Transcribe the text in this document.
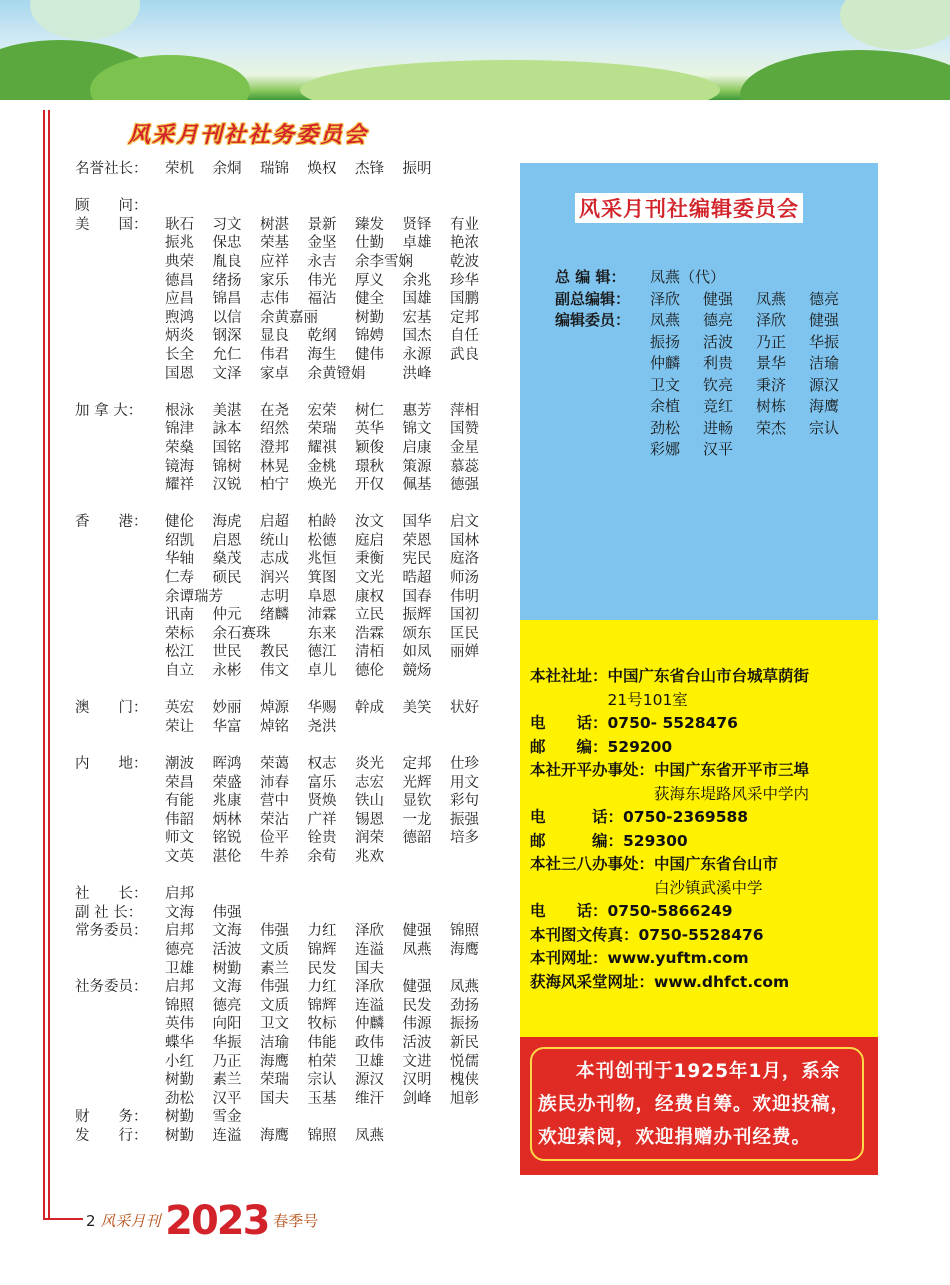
风采月刊社社务委员会
名誉社长：	荣机	余烔	瑞锦	焕权	杰锋	振明
顾　　问：
美　　国：	耿石	习文	树湛	景新	臻发	贤铎	有业
振兆	保忠	荣基	金坚	仕勤	卓雄	艳浓
典荣	胤良	应祥	永吉	余李雪娴	乾波
德昌	绪扬	家乐	伟光	厚义	余兆	珍华
应昌	锦昌	志伟	福沾	健全	国雄	国鹏
煦鸿	以信	余黄嘉丽	树勤	宏基	定邦
炳炎	钢深	显良	乾纲	锦娉	国杰	自任
长全	允仁	伟君	海生	健伟	永源	武良
国恩	文泽	家卓	余黄镫娟	洪峰
加 拿 大：	根泳	美湛	在尧	宏荣	树仁	惠芳	萍相
锦津	詠本	绍然	荣瑞	英华	锦文	国赞
荣燊	国铭	澄邦	耀祺	颖俊	启康	金星
镜海	锦树	林晃	金桃	璟秋	策源	慕蕊
耀祥	汉锐	柏宁	焕光	开仅	佩基	德强
香　　港：	健伦	海虎	启超	柏龄	汝文	国华	启文
绍凯	启恩	统山	松德	庭启	荣恩	国林
华轴	燊茂	志成	兆恒	秉衡	宪民	庭洛
仁寿	硕民	润兴	箕图	文光	晧超	师汤
余谭瑞芳	志明	阜恩	康权	国春	伟明
讯南	仲元	绪麟	沛霖	立民	振辉	国初
荣标	余石赛珠	东来	浩霖	颂东	匡民
松江	世民	教民	德江	清栢	如凤	丽婵
自立	永彬	伟文	卓儿	德伦	競炀
澳　　门：	英宏	妙丽	焯源	华赐	幹成	美笑	状好
荣让	华富	焯铭	尧洪
内　　地：	潮波	晖鸿	荣蔼	权志	炎光	定邦	仕珍
荣昌	荣盛	沛春	富乐	志宏	光辉	用文
有能	兆康	营中	贤焕	铁山	显钦	彩句
伟韶	炳林	荣沾	广祥	锡恩	一龙	振强
师文	铭锐	俭平	铨贵	润荣	德韶	培多
文英	湛伦	牛养	余荀	兆欢
社　　长：	启邦
副 社 长：	文海	伟强
常务委员：	启邦	文海	伟强	力红	泽欣	健强	锦照
德亮	活波	文质	锦辉	连溢	凤燕	海鹰
卫雄	树勤	素兰	民发	国夫
社务委员：	启邦	文海	伟强	力红	泽欣	健强	凤燕
锦照	德亮	文质	锦辉	连溢	民发	劲扬
英伟	向阳	卫文	牧标	仲麟	伟源	振扬
蝶华	华振	洁瑜	伟能	政伟	活波	新民
小红	乃正	海鹰	柏荣	卫雄	文进	悦儒
树勤	素兰	荣瑞	宗认	源汉	汉明	槐侠
劲松	汉平	国夫	玉基	维汗	剑峰	旭彰
财　　务：	树勤	雪金
发　　行：	树勤	连溢	海鹰	锦照	凤燕
风采月刊社编辑委员会
总 编 辑：	凤燕（代）
副总编辑：	泽欣	健强	凤燕	德亮
编辑委员：	凤燕	德亮	泽欣	健强
振扬	活波	乃正	华振
仲麟	利贵	景华	洁瑜
卫文	钦亮	秉济	源汉
余植	竞红	树栋	海鹰
劲松	进畅	荣杰	宗认
彩娜	汉平
本社社址：中国广东省台山市台城草荫街
　　　　　21号101室
电　　话：0750- 5528476
邮　　编：529200
本社开平办事处：中国广东省开平市三埠
　　　　　　　　荻海东堤路风采中学内
电　　　话：0750-2369588
邮　　　编：529300
本社三八办事处：中国广东省台山市
　　　　　　　　白沙镇武溪中学
电　　话：0750-5866249
本刊图文传真：0750-5528476
本刊网址：www.yuftm.com
获海风采堂网址：www.dhfct.com
本刊创刊于1925年1月，系余族民办刊物，经费自筹。欢迎投稿，欢迎索阅，欢迎捐赠办刊经费。
2 风采月刊 2023 春季号
